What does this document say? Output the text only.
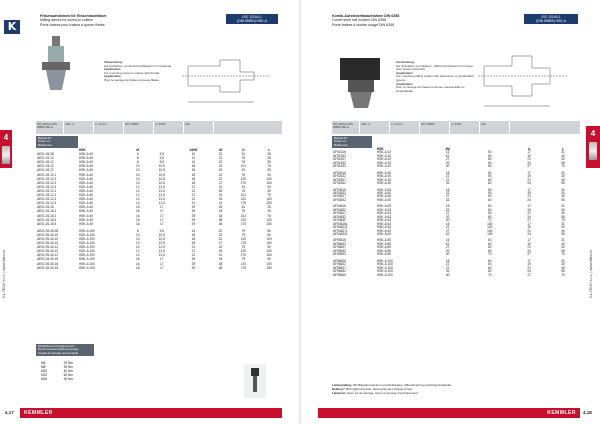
K
4
KL-TECH s.r.o. | www.kltec.cz
Fräseraufnahmen für Einschraubfräser
Milling arbors for screw-in cutters
Porte-fraises pour fraises à queue filetée
ISO 12164-1
(DIN 69893) HSK-A
Verwendung:
Zur Aufnahme von Einschraubfräsern mit Gewinde.
Application:
For mounting screw-in cutters with thread.
Application:
Pour le serrage de fraises à queue filetée.
ISO 12164-1 DIN 69893 HSK-AHSK - A	l ≤ 2,5 µm	G2,5 25000	l ≤ 0,003	A-B
Bestell-Nr.
Order no.
Référence
	HSK	M		d1H6	d2	l1	L
AE01.26.08	HSK-A 40	6	9,5	10	22	51	28
AE01.26.10	HSK-A 40	8	9,5	13	22	75	28
AE01.26.12	HSK-A 40	8	9,5	13	22	76	35
AE01.26.12	HSK-A 40	10	10,5	18	20	101	75
AE01.26.12	HSK-A 40	10	10,5	18	20	51	25
AE01.26.12.1	HSK-A 40	10	10,5	18	22	75	25
AE01.26.12.2	HSK-A 40	10	10,5	18	22	120	100
AE01.26.12.3	HSK-A 40	10	10,5	18	27	175	150
AE01.26.12.4	HSK-A 40	12	12,5	21	22	51	25
AE01.26.12.1	HSK-A 40	12	12,5	21	26	75	25
AE01.26.12.1	HSK-A 40	12	12,5	21	31	101	75
AE01.26.12.2	HSK-A 40	12	12,5	21	33	120	100
AE01.26.12.3	HSK-A 40	12	12,5	21	41	175	150
AE01.26.16	HSK-A 40	16	17	29	25	51	25
AE01.26.16.1	HSK-A 40	16	17	29	34	75	25
AE01.26.16.2	HSK-A 40	16	17	29	34	101	75
AE01.26.16.3	HSK-A 40	16	17	29	38	120	100
AE01.26.16.4	HSK-A 40	16	17	29	48	175	150

AE01.06.40.08	HSK-A 100	8	9,5	13	22	79	50
AE01.06.40.10	HSK-A 100	10	10,5	18	22	79	50
AE01.06.40.10	HSK-A 100	10	10,5	18	22	120	100
AE01.06.40.10	HSK-A 100	10	10,5	18	27	175	150
AE01.06.40.12	HSK-A 100	12	12,5	21	22	79	50
AE01.06.40.12	HSK-A 100	12	12,5	21	33	120	100
AE01.06.40.12	HSK-A 100	12	12,5	21	41	175	150
AE01.06.40.16	HSK-A 100	16	17	29	34	79	50
AE01.06.40.16	HSK-A 100	16	17	29	38	120	100
AE01.06.40.16	HSK-A 100	16	17	29	48	175	150
Empfohlenes Anzugsmoment
Recommended tightening torque
Couple de serrage recommandé
M6	20 Nm
M8	35 Nm
M10	40 Nm
M12	60 Nm
M16	90 Nm
4.17 KEMMLER
4
KL-TECH s.r.o. | www.kltec.cz
Kombi-Aufsteckfräsaufnahme DIN 6358
Combi shell mill holders DIN 6358
Porte-fraises à double usage DIN 6358
ISO 12164-1
(DIN 69893) HSK-A
Verwendung:
Zur Aufnahme von Walzen-, Walzenstirnfräsern mit Längs- oder Quernut (Kombi).
Application:
For mounting milling cutters with transverse or longitudinal groove.
Application:
Pour le serrage de fraises à rainure transversale ou longitudinale.
ISO 12164-1 DIN 69893 HSK-AHSK - A	l ≤ 2,5 µm	G2,5 25000	l ≤ 0,003	A-B
Bestell-Nr.
Order no.
Référence
	HSK	Ød		A	L
AF51616	HSK-A 32	16	50	17	31
AF51622	HSK-A 32	22	50	19	40
AF51627	HSK-A 32	27	60	21	40
AF51632	HSK-A 32	32	60	24	55
AF51640	HSK-A 32	40	60	27	70

AF52616	HSK-A 40	16	50	17	31
AF52622	HSK-A 40	22	50	19	40
AF52627	HSK-A 40	27	60	21	40
AF52632	HSK-A 40	32	60	24	55

AF53616	HSK-A 50	16	50	17	31
AF53622	HSK-A 50	22	50	19	40
AF53627	HSK-A 50	27	60	21	40
AF53632	HSK-A 50	32	60	24	55

AF54616	HSK-A 63	16	60	17	31
AF54622	HSK-A 63	22	60	19	40
AF54627	HSK-A 63	27	60	21	40
AF54632	HSK-A 63	32	60	24	55
AF54640	HSK-A 63	40	70	27	70
AF546161	HSK-A 63	16	100	17	31
AF546221	HSK-A 63	22	100	19	40
AF546271	HSK-A 63	27	100	21	40
AF546321	HSK-A 63	32	100	24	55

AF55616	HSK-A 80	16	60	17	31
AF55622	HSK-A 80	22	60	19	40
AF55627	HSK-A 80	27	60	21	40
AF55632	HSK-A 80	32	60	24	55
AF55640	HSK-A 80	40	70	27	70

AF56616	HSK-A 100	16	60	17	31
AF56622	HSK-A 100	22	60	19	40
AF56627	HSK-A 100	27	60	21	40
AF56632	HSK-A 100	32	60	24	55
AF56640	HSK-A 100	40	70	27	70
Lieferumfang: Mit Mitnehmersteinen und Schrauben, Mitnehmerring und Fräserschraube.
Delivery: With tightening bolt, driving key and locking screw.
Livraison: Avec vis de serrage, tenon et anneau d’entraînement.
KEMMLER 4.18
